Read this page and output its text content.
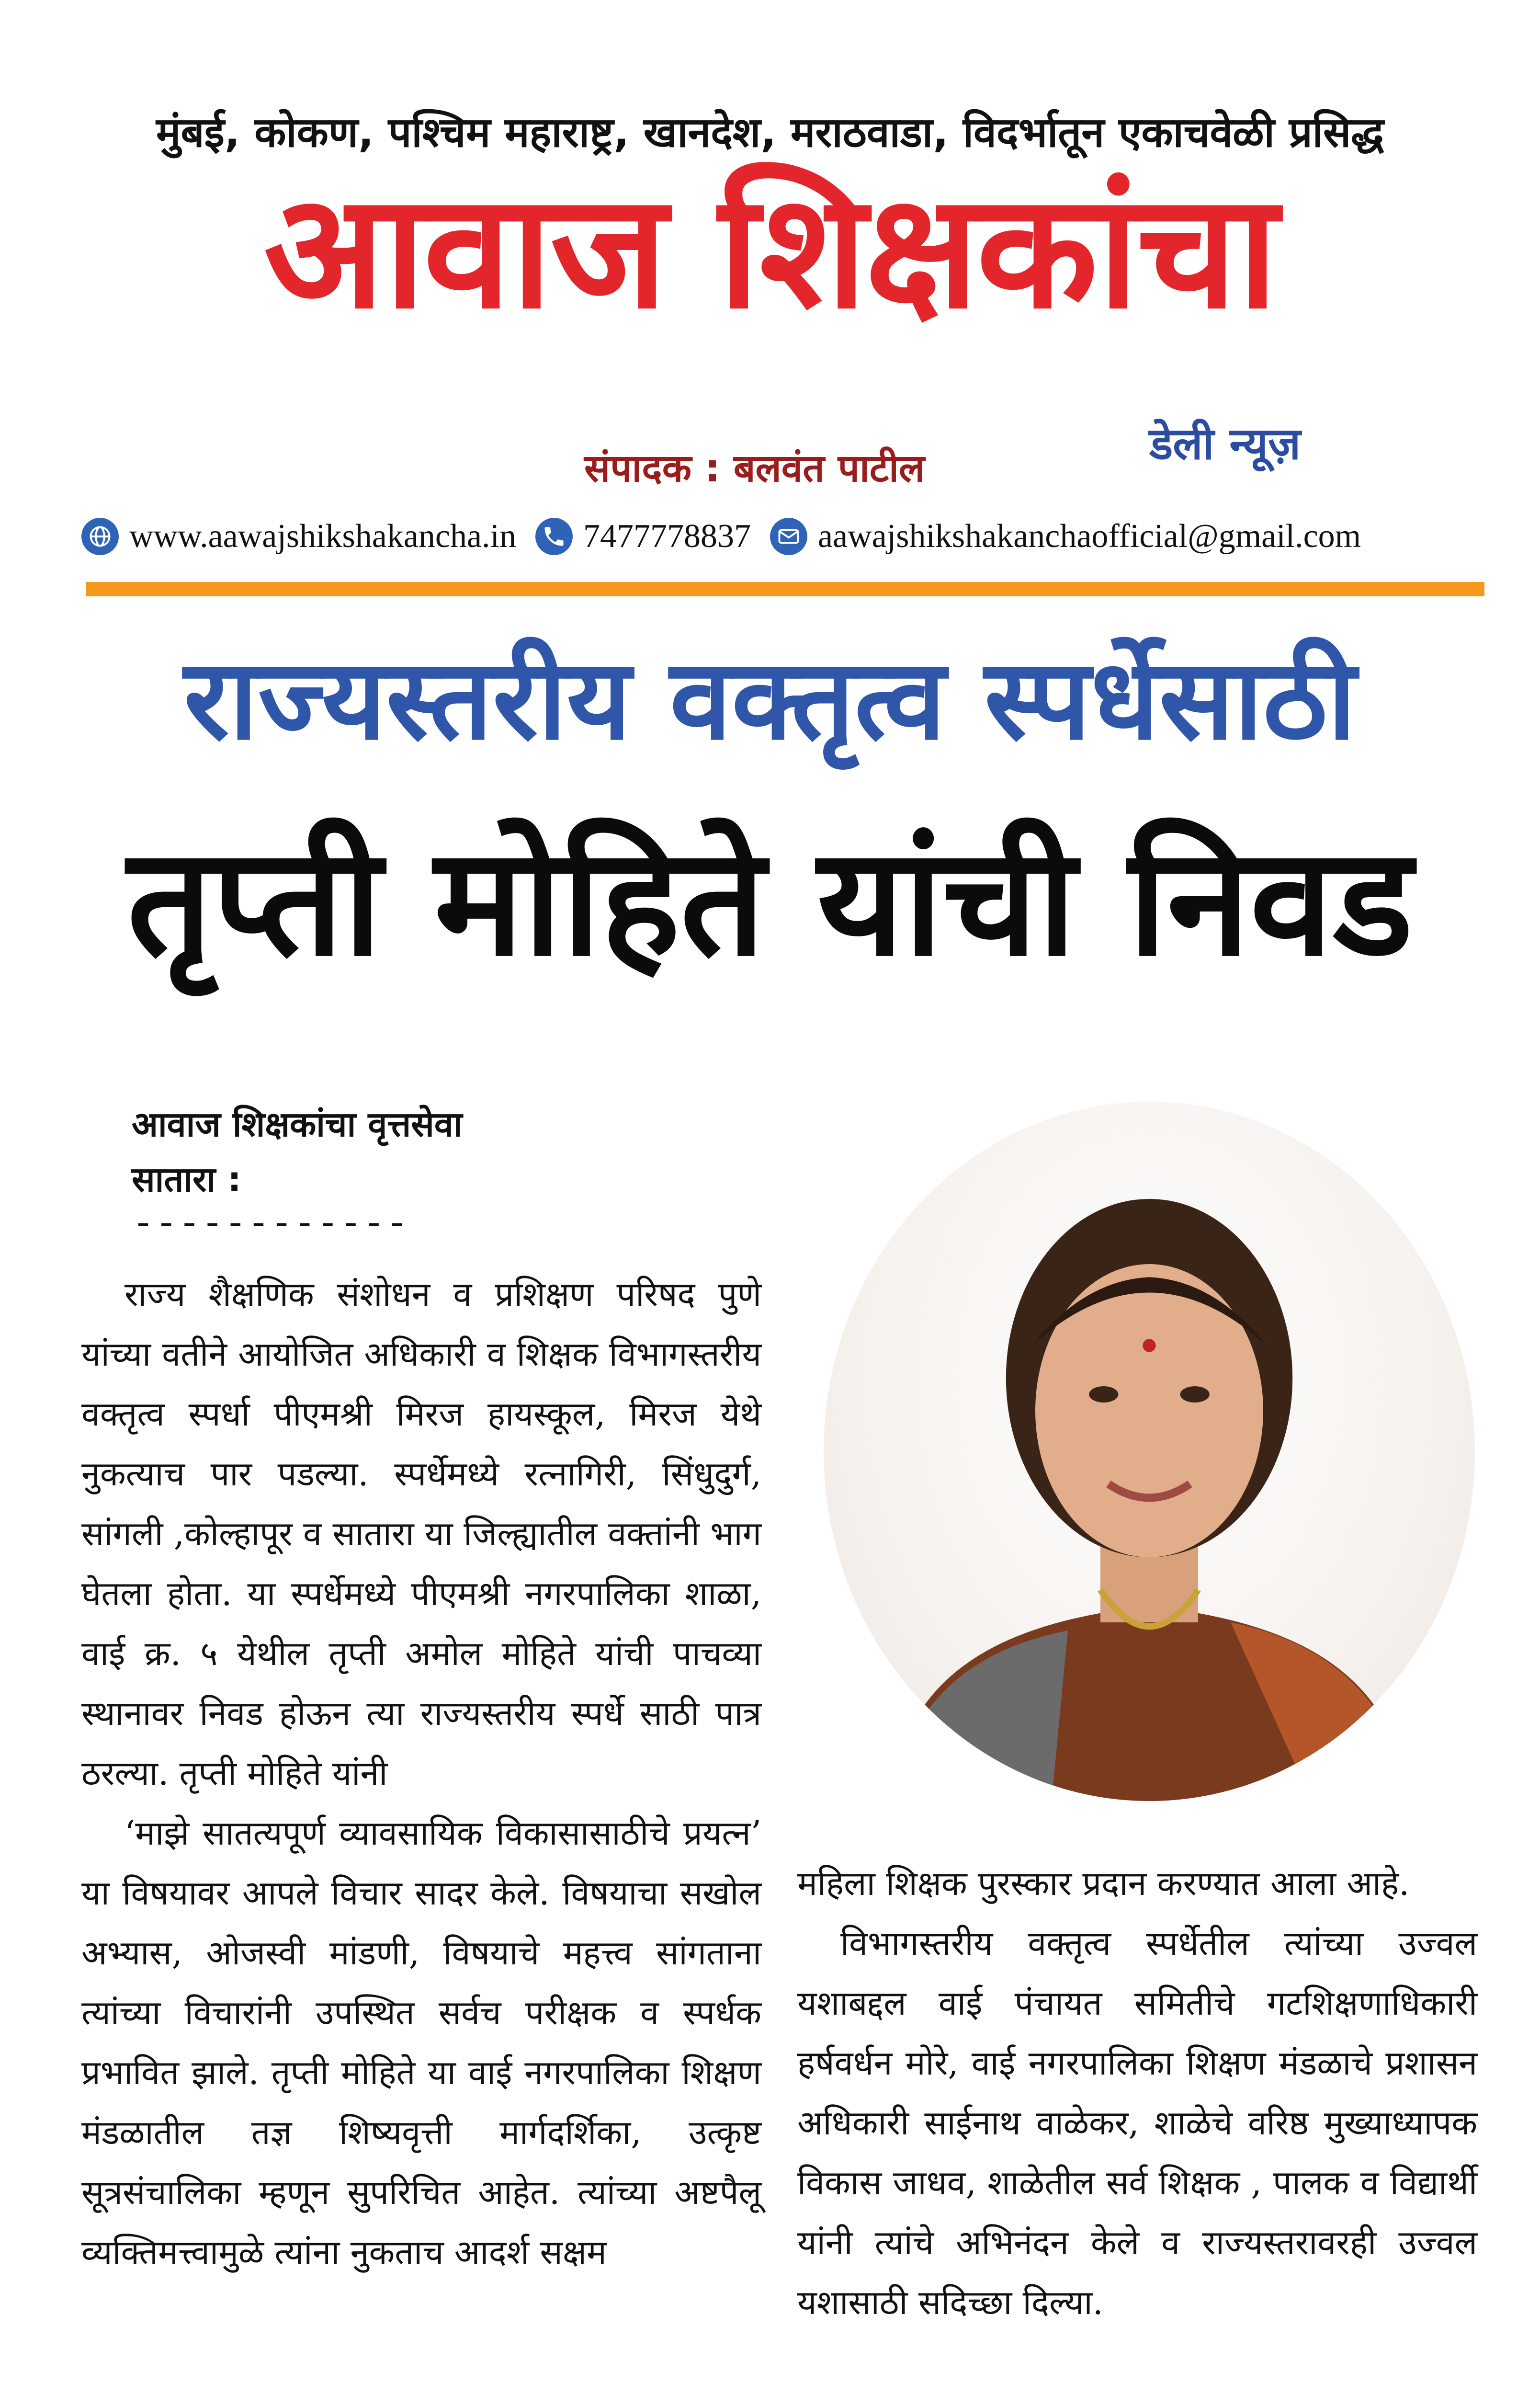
मुंबई, कोकण, पश्चिम महाराष्ट्र, खानदेश, मराठवाडा, विदर्भातून एकाचवेळी प्रसिद्ध
आवाज शिक्षकांचा
संपादक : बलवंत पाटील	डेली न्यूज़
www.aawajshikshakancha.in 7477778837 aawajshikshakanchaofficial@gmail.com
राज्यस्तरीय वक्तृत्व स्पर्धेसाठी
तृप्ती मोहिते यांची निवड
आवाज शिक्षकांचा वृत्तसेवा
सातारा :
------------

राज्य शैक्षणिक संशोधन व प्रशिक्षण परिषद पुणे यांच्या वतीने आयोजित अधिकारी व शिक्षक विभागस्तरीय वक्तृत्व स्पर्धा पीएमश्री मिरज हायस्कूल, मिरज येथे नुकत्याच पार पडल्या. स्पर्धेमध्ये रत्नागिरी, सिंधुदुर्ग, सांगली ,कोल्हापूर व सातारा या जिल्ह्यातील वक्तांनी भाग घेतला होता. या स्पर्धेमध्ये पीएमश्री नगरपालिका शाळा, वाई क्र. ५ येथील तृप्ती अमोल मोहिते यांची पाचव्या स्थानावर निवड होऊन त्या राज्यस्तरीय स्पर्धे साठी पात्र ठरल्या. तृप्ती मोहिते यांनी

‘माझे सातत्यपूर्ण व्यावसायिक विकासासाठीचे प्रयत्न’ या विषयावर आपले विचार सादर केले. विषयाचा सखोल अभ्यास, ओजस्वी मांडणी, विषयाचे महत्त्व सांगताना त्यांच्या विचारांनी उपस्थित सर्वच परीक्षक व स्पर्धक प्रभावित झाले. तृप्ती मोहिते या वाई नगरपालिका शिक्षण मंडळातील तज्ञ शिष्यवृत्ती मार्गदर्शिका, उत्कृष्ट सूत्रसंचालिका म्हणून सुपरिचित आहेत. त्यांच्या अष्टपैलू व्यक्तिमत्त्वामुळे त्यांना नुकताच आदर्श सक्षम

महिला शिक्षक पुरस्कार प्रदान करण्यात आला आहे.

विभागस्तरीय वक्तृत्व स्पर्धेतील त्यांच्या उज्वल यशाबद्दल वाई पंचायत समितीचे गटशिक्षणाधिकारी हर्षवर्धन मोरे, वाई नगरपालिका शिक्षण मंडळाचे प्रशासन अधिकारी साईनाथ वाळेकर, शाळेचे वरिष्ठ मुख्याध्यापक विकास जाधव, शाळेतील सर्व शिक्षक , पालक व विद्यार्थी यांनी त्यांचे अभिनंदन केले व राज्यस्तरावरही उज्वल यशासाठी सदिच्छा दिल्या.
